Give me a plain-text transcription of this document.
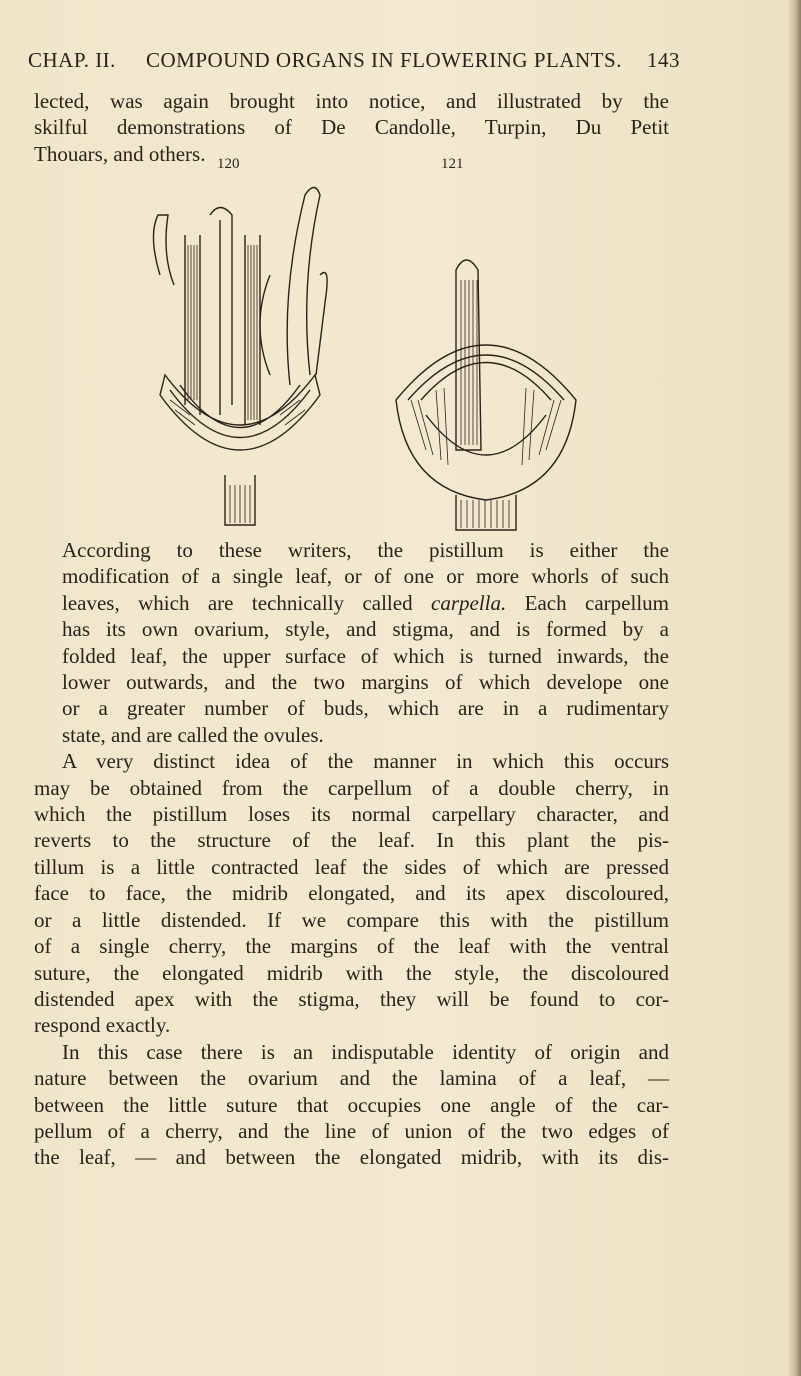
CHAP. II. COMPOUND ORGANS IN FLOWERING PLANTS. 143

lected, was again brought into notice, and illustrated by the
skilful demonstrations of De Candolle, Turpin, Du Petit
Thouars, and others. 120	121

According to these writers, the pistillum is either the
modification of a single leaf, or of one or more whorls of such
leaves, which are technically called carpella. Each carpellum
has its own ovarium, style, and stigma, and is formed by a
folded leaf, the upper surface of which is turned inwards, the
lower outwards, and the two margins of which develope one
or a greater number of buds, which are in a rudimentary
state, and are called the ovules.

A very distinct idea of the manner in which this occurs
may be obtained from the carpellum of a double cherry, in
which the pistillum loses its normal carpellary character, and
reverts to the structure of the leaf. In this plant the pis-
tillum is a little contracted leaf the sides of which are pressed
face to face, the midrib elongated, and its apex discoloured,
or a little distended. If we compare this with the pistillum
of a single cherry, the margins of the leaf with the ventral
suture, the elongated midrib with the style, the discoloured
distended apex with the stigma, they will be found to cor-
respond exactly.

In this case there is an indisputable identity of origin and
nature between the ovarium and the lamina of a leaf, —
between the little suture that occupies one angle of the car-
pellum of a cherry, and the line of union of the two edges of
the leaf, — and between the elongated midrib, with its dis-
